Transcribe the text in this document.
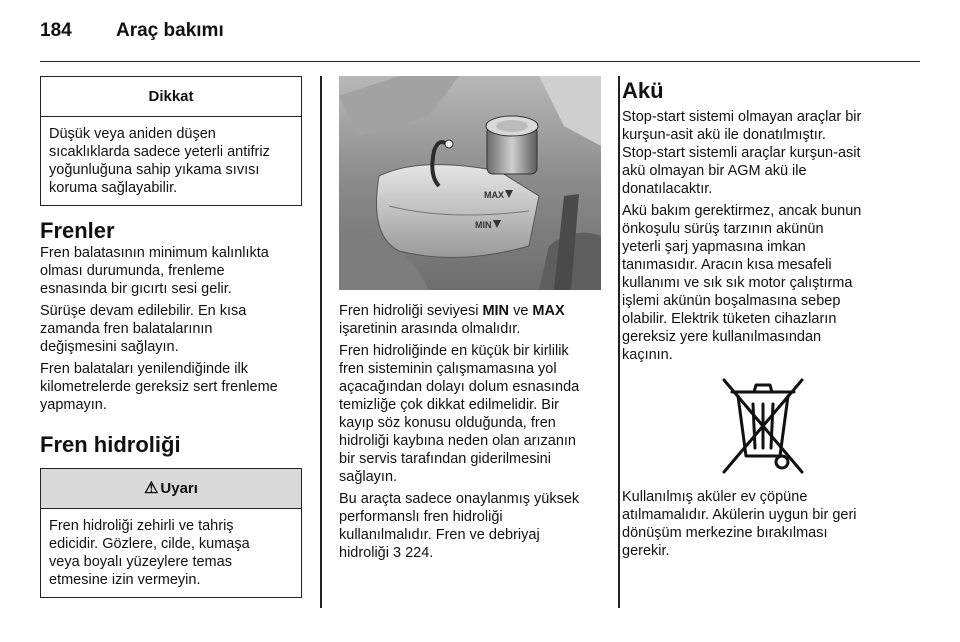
184 Araç bakımı
Dikkat
Düşük veya aniden düşen
sıcaklıklarda sadece yeterli antifriz
yoğunluğuna sahip yıkama sıvısı
koruma sağlayabilir.
Frenler

Fren balatasının minimum kalınlıkta
olması durumunda, frenleme
esnasında bir gıcırtı sesi gelir.

Sürüşe devam edilebilir. En kısa
zamanda fren balatalarının
değişmesini sağlayın.

Fren balataları yenilendiğinde ilk
kilometrelerde gereksiz sert frenleme
yapmayın.

Fren hidroliği
⚠ Uyarı
Fren hidroliği zehirli ve tahriş
edicidir. Gözlere, cilde, kumaşa
veya boyalı yüzeylere temas
etmesine izin vermeyin.
MAX
MIN

Fren hidroliği seviyesi MIN ve MAX
işaretinin arasında olmalıdır.

Fren hidroliğinde en küçük bir kirlilik
fren sisteminin çalışmamasına yol
açacağından dolayı dolum esnasında
temizliğe çok dikkat edilmelidir. Bir
kayıp söz konusu olduğunda, fren
hidroliği kaybına neden olan arızanın
bir servis tarafından giderilmesini
sağlayın.

Bu araçta sadece onaylanmış yüksek
performanslı fren hidroliği
kullanılmalıdır. Fren ve debriyaj
hidroliği 3 224.

Akü

Stop-start sistemi olmayan araçlar bir
kurşun-asit akü ile donatılmıştır.
Stop-start sistemli araçlar kurşun-asit
akü olmayan bir AGM akü ile
donatılacaktır.

Akü bakım gerektirmez, ancak bunun
önkoşulu sürüş tarzının akünün
yeterli şarj yapmasına imkan
tanımasıdır. Aracın kısa mesafeli
kullanımı ve sık sık motor çalıştırma
işlemi akünün boşalmasına sebep
olabilir. Elektrik tüketen cihazların
gereksiz yere kullanılmasından
kaçının.

Kullanılmış aküler ev çöpüne
atılmamalıdır. Akülerin uygun bir geri
dönüşüm merkezine bırakılması
gerekir.
